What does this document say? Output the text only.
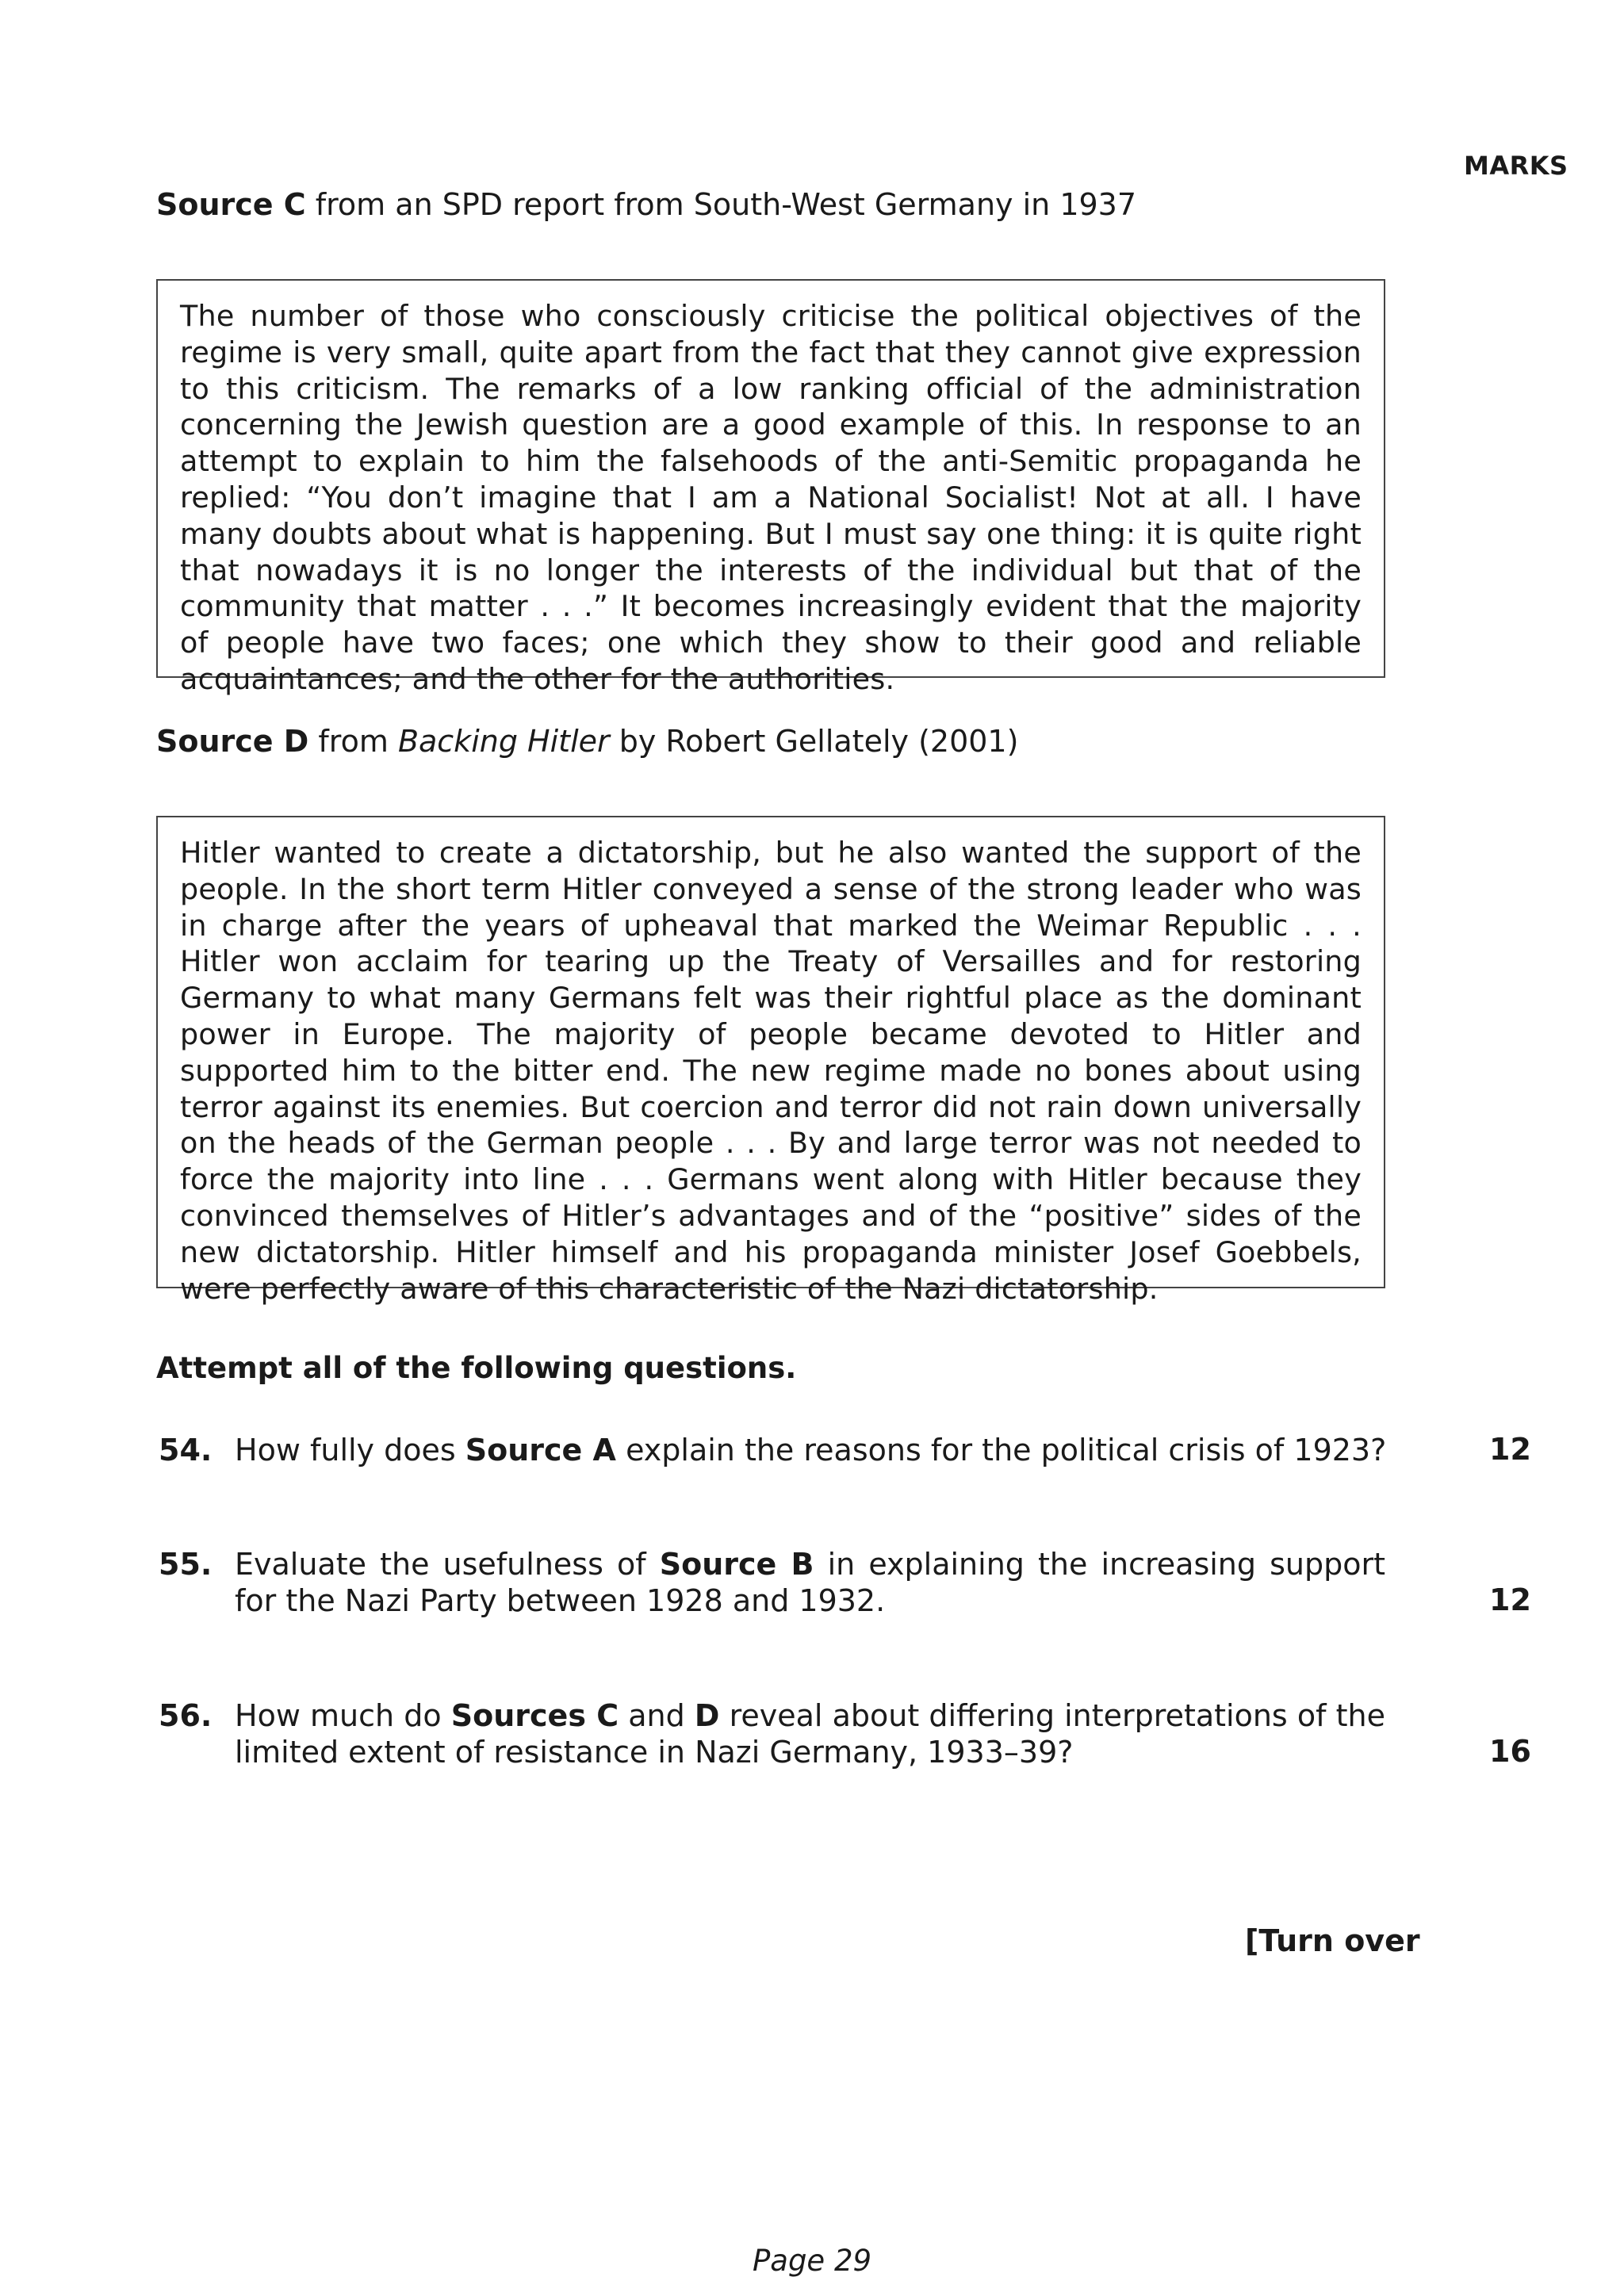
MARKS
Source C from an SPD report from South-West Germany in 1937

The number of those who consciously criticise the political objectives of the regime is very small, quite apart from the fact that they cannot give expression to this criticism. The remarks of a low ranking official of the administration concerning the Jewish question are a good example of this. In response to an attempt to explain to him the falsehoods of the anti-Semitic propaganda he replied: “You don’t imagine that I am a National Socialist! Not at all. I have many doubts about what is happening. But I must say one thing: it is quite right that nowadays it is no longer the interests of the individual but that of the community that matter . . .” It becomes increasingly evident that the majority of people have two faces; one which they show to their good and reliable acquaintances; and the other for the authorities.

Source D from Backing Hitler by Robert Gellately (2001)

Hitler wanted to create a dictatorship, but he also wanted the support of the people. In the short term Hitler conveyed a sense of the strong leader who was in charge after the years of upheaval that marked the Weimar Republic . . . Hitler won acclaim for tearing up the Treaty of Versailles and for restoring Germany to what many Germans felt was their rightful place as the dominant power in Europe. The majority of people became devoted to Hitler and supported him to the bitter end. The new regime made no bones about using terror against its enemies. But coercion and terror did not rain down universally on the heads of the German people . . . By and large terror was not needed to force the majority into line . . . Germans went along with Hitler because they convinced themselves of Hitler’s advantages and of the “positive” sides of the new dictatorship. Hitler himself and his propaganda minister Josef Goebbels, were perfectly aware of this characteristic of the Nazi dictatorship.

Attempt all of the following questions.
54. How fully does Source A explain the reasons for the political crisis of 1923?	12
55. Evaluate the usefulness of Source B in explaining the increasing support for the Nazi Party between 1928 and 1932.	12
56. How much do Sources C and D reveal about differing interpretations of the limited extent of resistance in Nazi Germany, 1933–39?	16
[Turn over
Page 29
